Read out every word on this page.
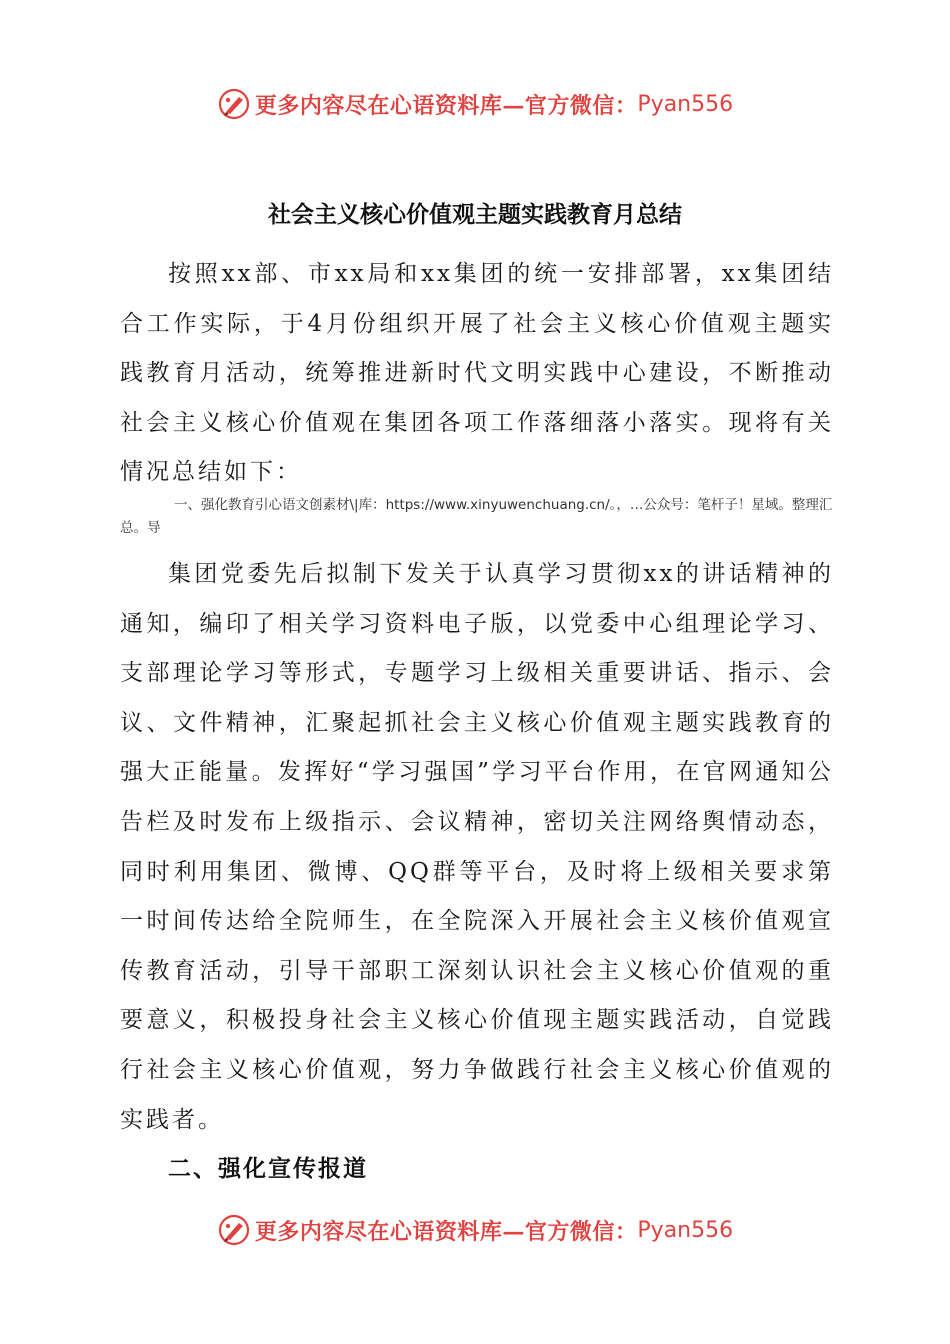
更多内容尽在心语资料库—官方微信： Pyan556
社会主义核心价值观主题实践教育月总结

按照xx部、市xx局和xx集团的统一安排部署，xx集团结合工作实际，于4月份组织开展了社会主义核心价值观主题实践教育月活动，统筹推进新时代文明实践中心建设，不断推动社会主义核心价值观在集团各项工作落细落小落实。现将有关情况总结如下：

一、强化教育引心语文创素材\|库：https://www.xinyuwenchuang.cn/。，…公众号：笔杆子！星域。整理汇总。导

集团党委先后拟制下发关于认真学习贯彻xx的讲话精神的通知，编印了相关学习资料电子版，以党委中心组理论学习、支部理论学习等形式，专题学习上级相关重要讲话、指示、会议、文件精神，汇聚起抓社会主义核心价值观主题实践教育的强大正能量。发挥好“学习强国”学习平台作用，在官网通知公告栏及时发布上级指示、会议精神，密切关注网络舆情动态，同时利用集团、微博、QQ群等平台，及时将上级相关要求第一时间传达给全院师生，在全院深入开展社会主义核价值观宣传教育活动，引导干部职工深刻认识社会主义核心价值观的重要意义，积极投身社会主义核心价值现主题实践活动，自觉践行社会主义核心价值观，努力争做践行社会主义核心价值观的实践者。

二、强化宣传报道
更多内容尽在心语资料库—官方微信： Pyan556
